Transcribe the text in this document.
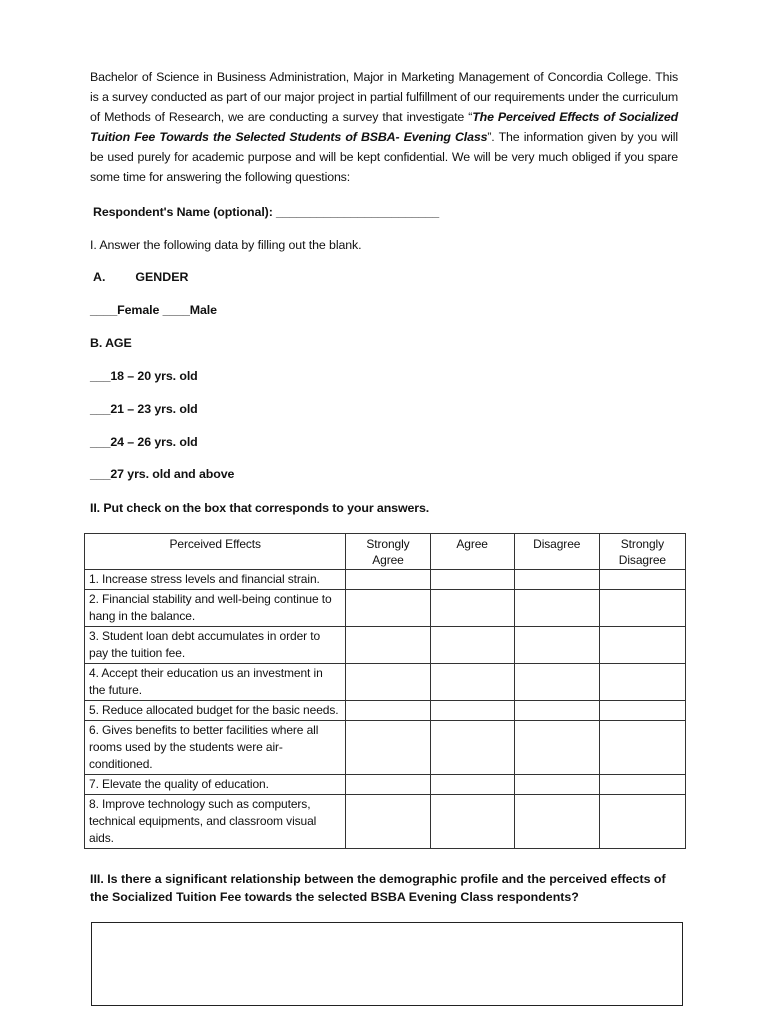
Bachelor of Science in Business Administration, Major in Marketing Management of Concordia College. This is a survey conducted as part of our major project in partial fulfillment of our requirements under the curriculum of Methods of Research, we are conducting a survey that investigate “The Perceived Effects of Socialized Tuition Fee Towards the Selected Students of BSBA- Evening Class”. The information given by you will be used purely for academic purpose and will be kept confidential. We will be very much obliged if you spare some time for answering the following questions:

Respondent's Name (optional): ________________________
I. Answer the following data by filling out the blank.
A. GENDER
____Female ____Male
B. AGE
___18 – 20 yrs. old
___21 – 23 yrs. old
___24 – 26 yrs. old
___27 yrs. old and above
II. Put check on the box that corresponds to your answers.
Perceived Effects	Strongly Agree	Agree	Disagree	Strongly Disagree
1. Increase stress levels and financial strain.				
2. Financial stability and well-being continue to hang in the balance.				
3. Student loan debt accumulates in order to pay the tuition fee.				
4. Accept their education us an investment in the future.				
5. Reduce allocated budget for the basic needs.				
6. Gives benefits to better facilities where all rooms used by the students were air-conditioned.				
7. Elevate the quality of education.				
8. Improve technology such as computers, technical equipments, and classroom visual aids.				
III. Is there a significant relationship between the demographic profile and the perceived effects of the Socialized Tuition Fee towards the selected BSBA Evening Class respondents?
